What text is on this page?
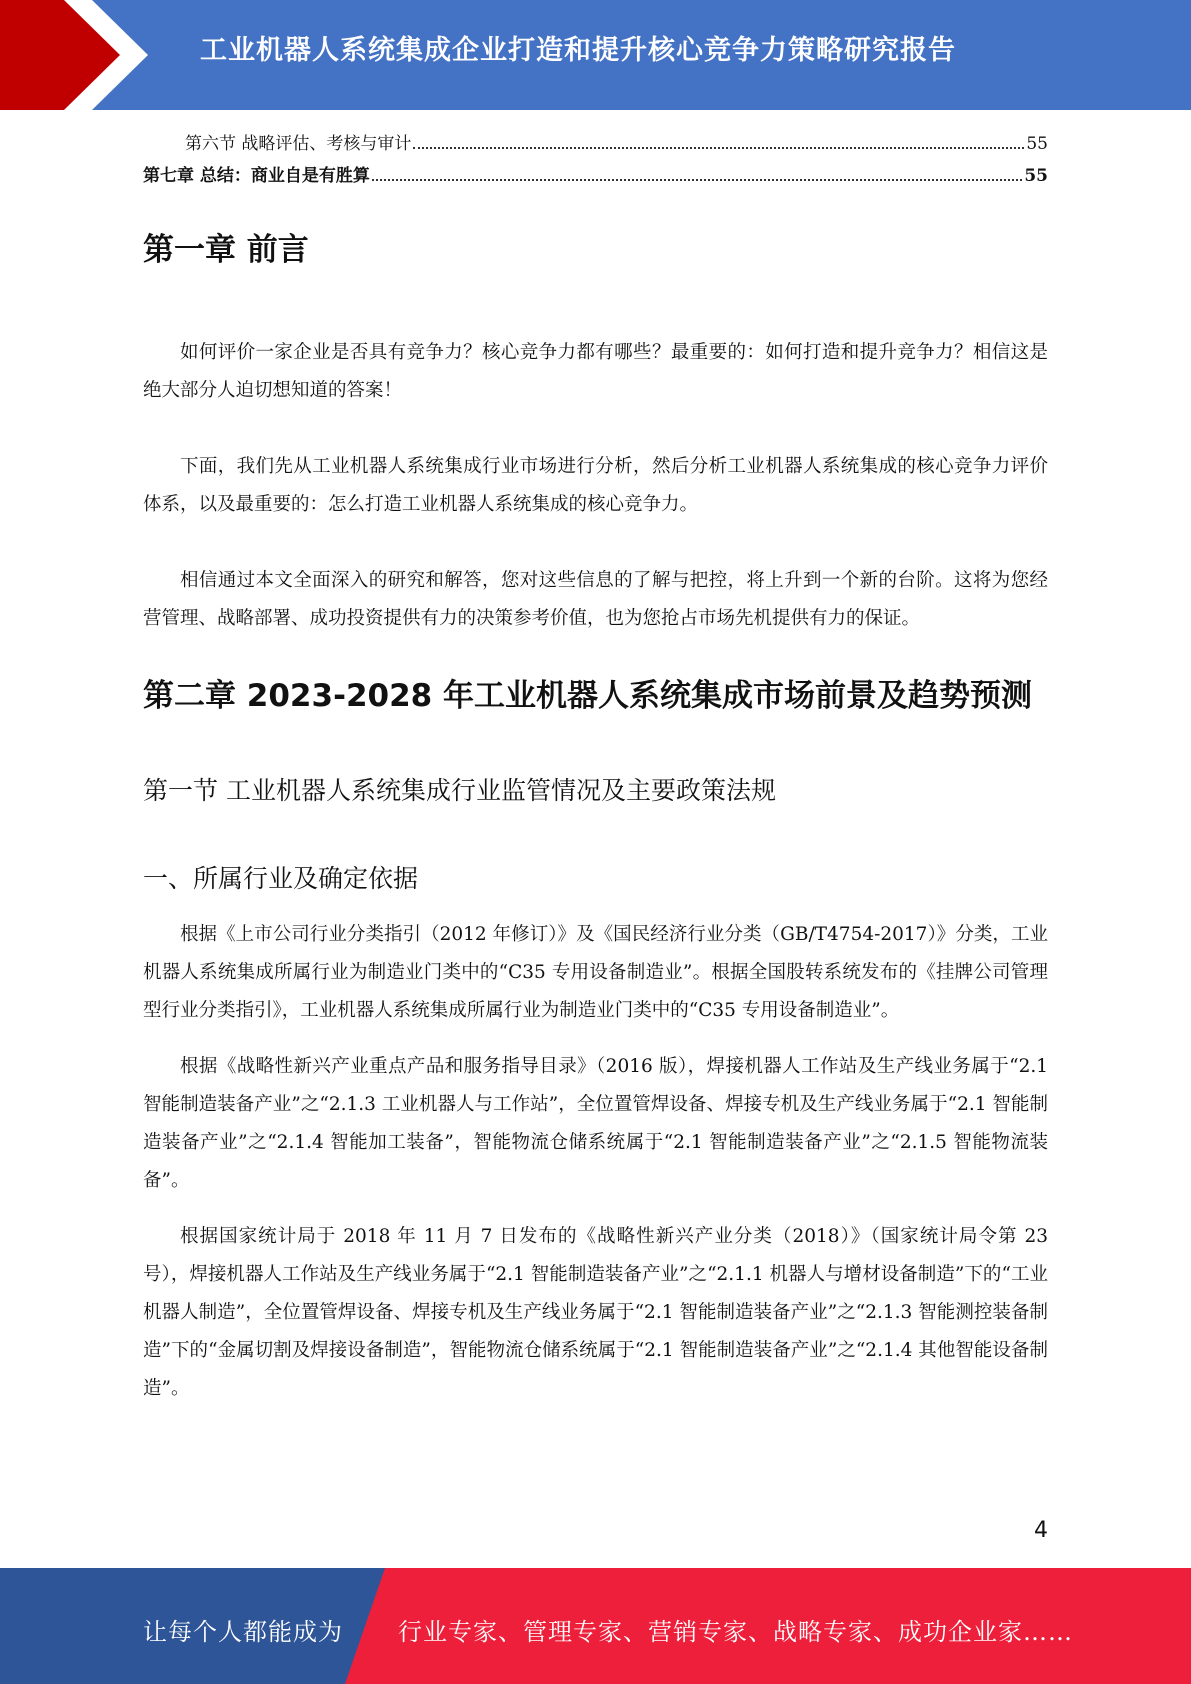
工业机器人系统集成企业打造和提升核心竞争力策略研究报告
第六节 战略评估、考核与审计	55
第七章 总结：商业自是有胜算	55
第一章 前言

如何评价一家企业是否具有竞争力？核心竞争力都有哪些？最重要的：如何打造和提升竞争力？相信这是绝大部分人迫切想知道的答案！

下面，我们先从工业机器人系统集成行业市场进行分析，然后分析工业机器人系统集成的核心竞争力评价体系，以及最重要的：怎么打造工业机器人系统集成的核心竞争力。

相信通过本文全面深入的研究和解答，您对这些信息的了解与把控，将上升到一个新的台阶。这将为您经营管理、战略部署、成功投资提供有力的决策参考价值，也为您抢占市场先机提供有力的保证。

第二章 2023-2028 年工业机器人系统集成市场前景及趋势预测
第一节 工业机器人系统集成行业监管情况及主要政策法规
一、所属行业及确定依据

根据《上市公司行业分类指引（2012 年修订）》及《国民经济行业分类（GB/T4754-2017）》分类，工业机器人系统集成所属行业为制造业门类中的“C35 专用设备制造业”。根据全国股转系统发布的《挂牌公司管理型行业分类指引》，工业机器人系统集成所属行业为制造业门类中的“C35 专用设备制造业”。

根据《战略性新兴产业重点产品和服务指导目录》（2016 版），焊接机器人工作站及生产线业务属于“2.1 智能制造装备产业”之“2.1.3 工业机器人与工作站”，全位置管焊设备、焊接专机及生产线业务属于“2.1 智能制造装备产业”之“2.1.4 智能加工装备”，智能物流仓储系统属于“2.1 智能制造装备产业”之“2.1.5 智能物流装备”。

根据国家统计局于 2018 年 11 月 7 日发布的《战略性新兴产业分类（2018）》（国家统计局令第 23 号），焊接机器人工作站及生产线业务属于“2.1 智能制造装备产业”之“2.1.1 机器人与增材设备制造”下的“工业机器人制造”，全位置管焊设备、焊接专机及生产线业务属于“2.1 智能制造装备产业”之“2.1.3 智能测控装备制造”下的“金属切割及焊接设备制造”，智能物流仓储系统属于“2.1 智能制造装备产业”之“2.1.4 其他智能设备制造”。

4
让每个人都能成为 行业专家、管理专家、营销专家、战略专家、成功企业家……
